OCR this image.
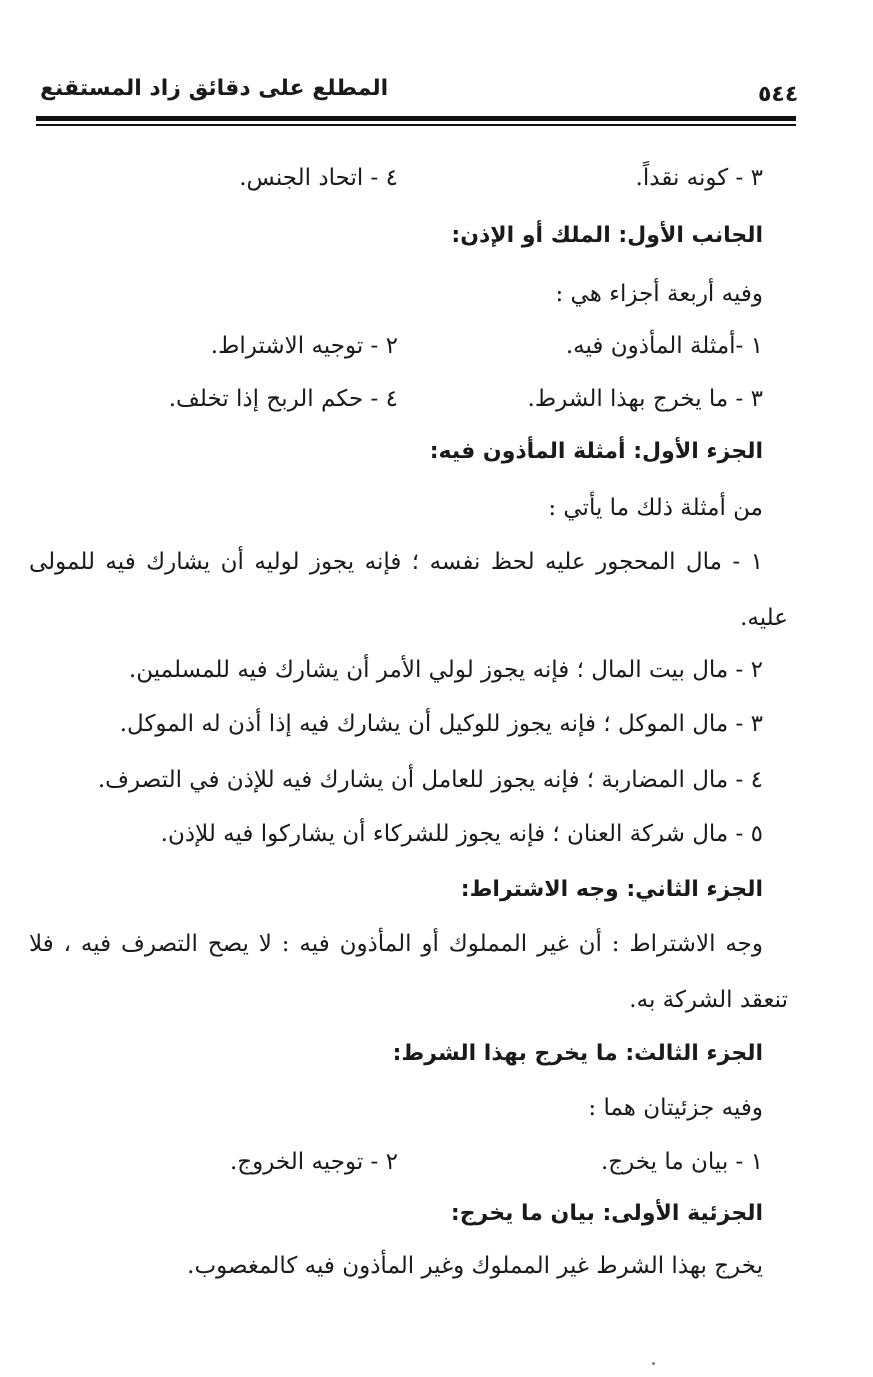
المطلع على دقائق زاد المستقنع	٥٤٤
٣ - كونه نقداً.
٤ - اتحاد الجنس.
الجانب الأول: الملك أو الإذن:
وفيه أربعة أجزاء هي :
١ -أمثلة المأذون فيه.
٢ - توجيه الاشتراط.
٣ - ما يخرج بهذا الشرط.
٤ - حكم الربح إذا تخلف.
الجزء الأول: أمثلة المأذون فيه:
من أمثلة ذلك ما يأتي :
١ - مال المحجور عليه لحظ نفسه ؛ فإنه يجوز لوليه أن يشارك فيه للمولى
عليه.
٢ - مال بيت المال ؛ فإنه يجوز لولي الأمر أن يشارك فيه للمسلمين.
٣ - مال الموكل ؛ فإنه يجوز للوكيل أن يشارك فيه إذا أذن له الموكل.
٤ - مال المضاربة ؛ فإنه يجوز للعامل أن يشارك فيه للإذن في التصرف.
٥ - مال شركة العنان ؛ فإنه يجوز للشركاء أن يشاركوا فيه للإذن.
الجزء الثاني: وجه الاشتراط:
وجه الاشتراط : أن غير المملوك أو المأذون فيه : لا يصح التصرف فيه ، فلا
تنعقد الشركة به.
الجزء الثالث: ما يخرج بهذا الشرط:
وفيه جزئيتان هما :
١ - بيان ما يخرج.
٢ - توجيه الخروج.
الجزئية الأولى: بيان ما يخرج:
يخرج بهذا الشرط غير المملوك وغير المأذون فيه كالمغصوب.
